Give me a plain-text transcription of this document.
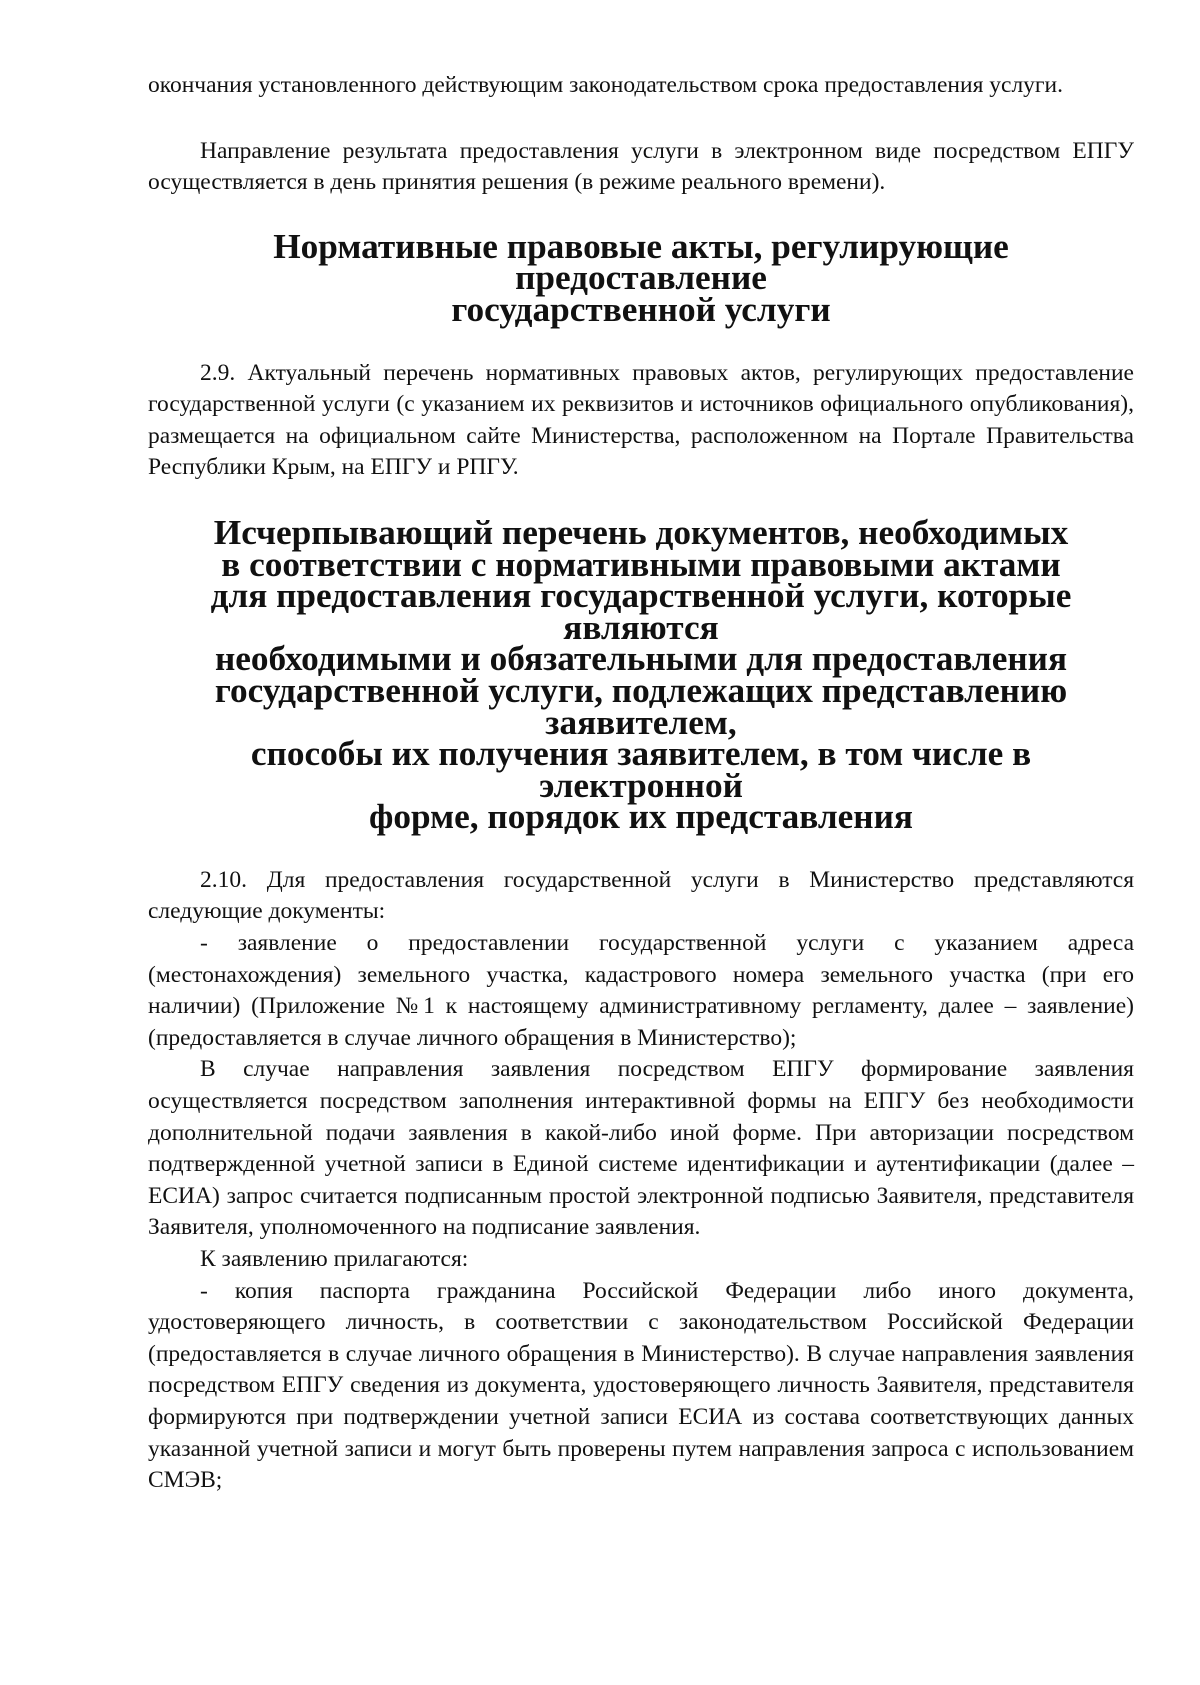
окончания установленного действующим законодательством срока предоставления услуги.

Направление результата предоставления услуги в электронном виде посредством ЕПГУ осуществляется в день принятия решения (в режиме реального времени).

Нормативные правовые акты, регулирующие предоставление
государственной услуги

2.9. Актуальный перечень нормативных правовых актов, регулирующих предоставление государственной услуги (с указанием их реквизитов и источников официального опубликования), размещается на официальном сайте Министерства, расположенном на Портале Правительства Республики Крым, на ЕПГУ и РПГУ.

Исчерпывающий перечень документов, необходимых
в соответствии с нормативными правовыми актами
для предоставления государственной услуги, которые являются
необходимыми и обязательными для предоставления
государственной услуги, подлежащих представлению заявителем,
способы их получения заявителем, в том числе в электронной
форме, порядок их представления

2.10. Для предоставления государственной услуги в Министерство представляются следующие документы:

- заявление о предоставлении государственной услуги с указанием адреса (местонахождения) земельного участка, кадастрового номера земельного участка (при его наличии) (Приложение №1 к настоящему административному регламенту, далее – заявление) (предоставляется в случае личного обращения в Министерство);

В случае направления заявления посредством ЕПГУ формирование заявления осуществляется посредством заполнения интерактивной формы на ЕПГУ без необходимости дополнительной подачи заявления в какой-либо иной форме. При авторизации посредством подтвержденной учетной записи в Единой системе идентификации и аутентификации (далее – ЕСИА) запрос считается подписанным простой электронной подписью Заявителя, представителя Заявителя, уполномоченного на подписание заявления.

К заявлению прилагаются:

- копия паспорта гражданина Российской Федерации либо иного документа, удостоверяющего личность, в соответствии с законодательством Российской Федерации (предоставляется в случае личного обращения в Министерство). В случае направления заявления посредством ЕПГУ сведения из документа, удостоверяющего личность Заявителя, представителя формируются при подтверждении учетной записи ЕСИА из состава соответствующих данных указанной учетной записи и могут быть проверены путем направления запроса с использованием СМЭВ;
